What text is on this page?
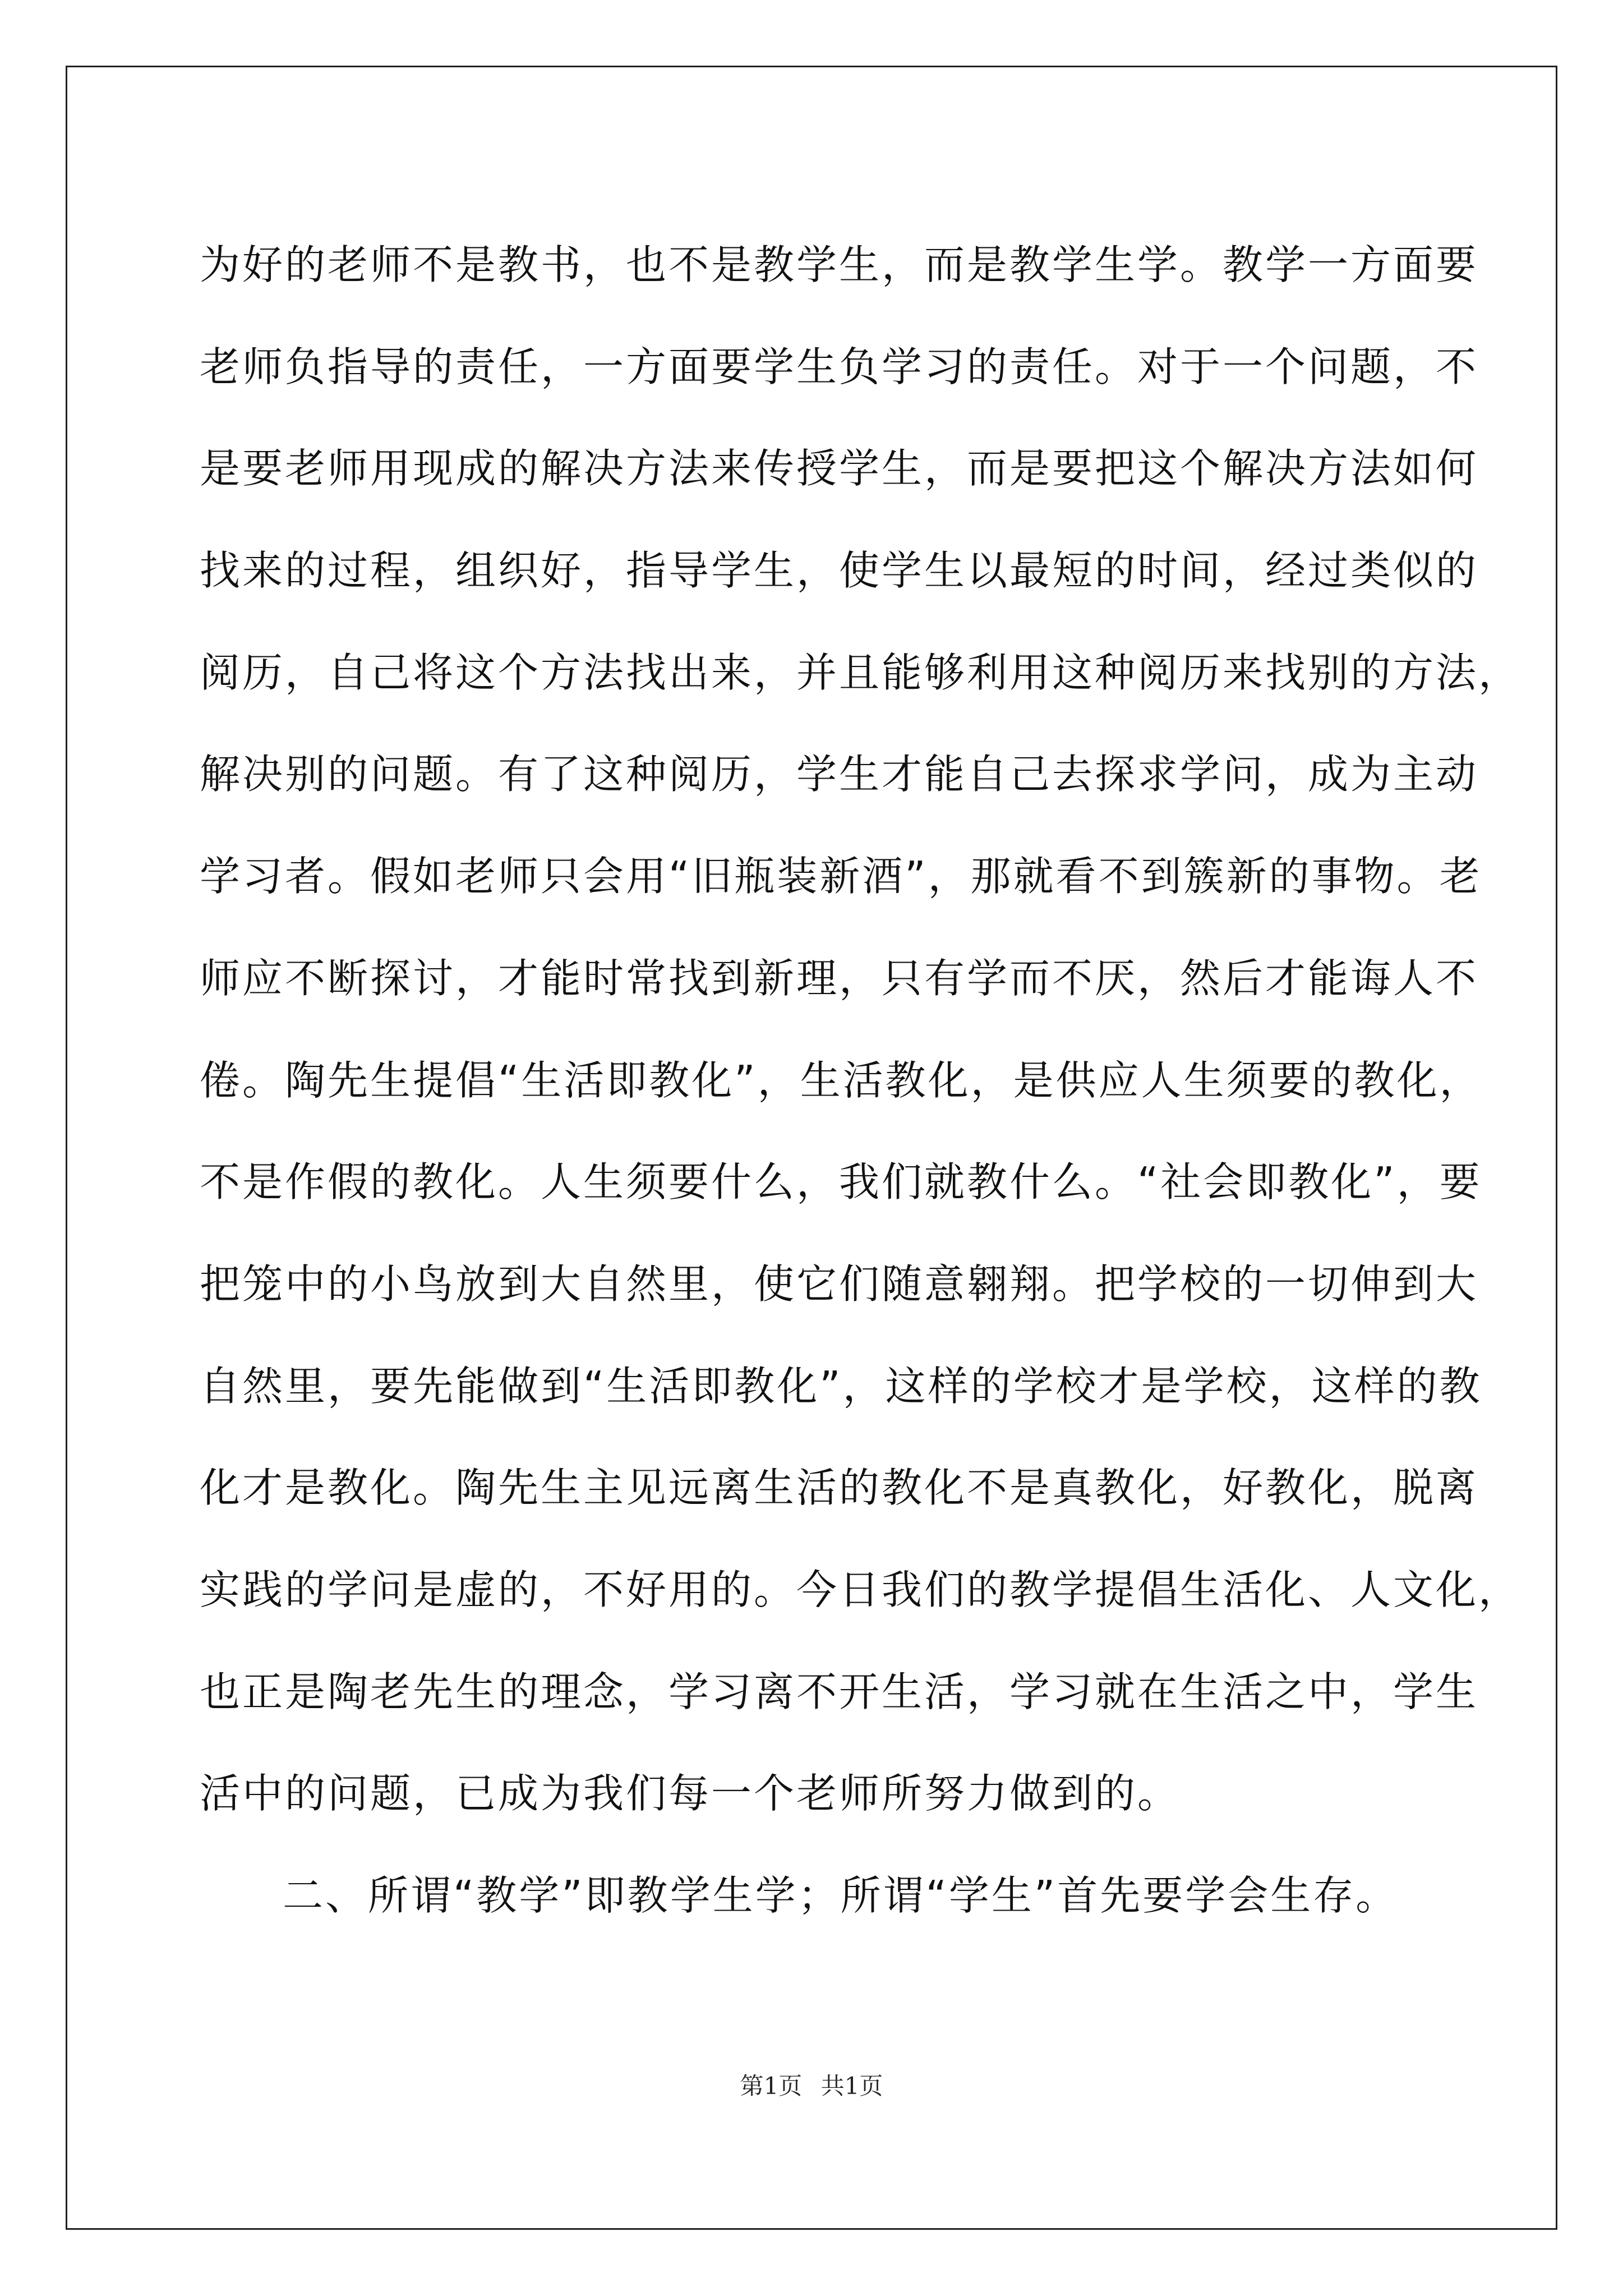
为好的老师不是教书，也不是教学生，而是教学生学。教学一方面要
老师负指导的责任，一方面要学生负学习的责任。对于一个问题，不
是要老师用现成的解决方法来传授学生，而是要把这个解决方法如何
找来的过程，组织好，指导学生，使学生以最短的时间，经过类似的
阅历，自己将这个方法找出来，并且能够利用这种阅历来找别的方法，
解决别的问题。有了这种阅历，学生才能自己去探求学问，成为主动
学习者。假如老师只会用“旧瓶装新酒”，那就看不到簇新的事物。老
师应不断探讨，才能时常找到新理，只有学而不厌，然后才能诲人不
倦。陶先生提倡“生活即教化”，生活教化，是供应人生须要的教化，
不是作假的教化。人生须要什么，我们就教什么。“社会即教化”，要
把笼中的小鸟放到大自然里，使它们随意翱翔。把学校的一切伸到大
自然里，要先能做到“生活即教化”，这样的学校才是学校，这样的教
化才是教化。陶先生主见远离生活的教化不是真教化，好教化，脱离
实践的学问是虚的，不好用的。今日我们的教学提倡生活化、人文化，
也正是陶老先生的理念，学习离不开生活，学习就在生活之中，学生
活中的问题，已成为我们每一个老师所努力做到的。
二、所谓“教学”即教学生学；所谓“学生”首先要学会生存。
第1页 共1页
